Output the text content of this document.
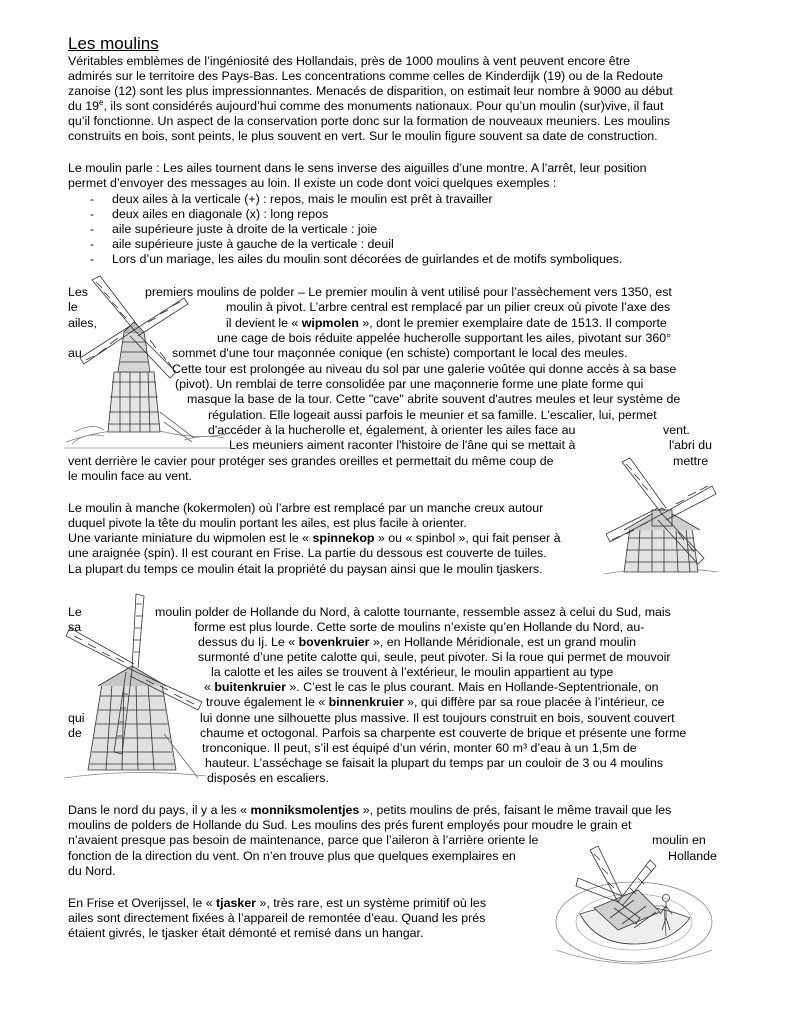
Les moulins

Véritables emblèmes de l’ingéniosité des Hollandais, près de 1000 moulins à vent peuvent encore être

admirés sur le territoire des Pays-Bas. Les concentrations comme celles de Kinderdijk (19) ou de la Redoute

zanoise (12) sont les plus impressionnantes. Menacés de disparition, on estimait leur nombre à 9000 au début

du 19e, ils sont considérés aujourd’hui comme des monuments nationaux. Pour qu’un moulin (sur)vive, il faut

qu’il fonctionne. Un aspect de la conservation porte donc sur la formation de nouveaux meuniers. Les moulins

construits en bois, sont peints, le plus souvent en vert. Sur le moulin figure souvent sa date de construction.

Le moulin parle : Les ailes tournent dans le sens inverse des aiguilles d’une montre. A l’arrêt, leur position

permet d’envoyer des messages au loin. Il existe un code dont voici quelques exemples :

- deux ailes à la verticale (+) : repos, mais le moulin est prêt à travailler

- deux ailes en diagonale (x) : long repos

- aile supérieure juste à droite de la verticale : joie

- aile supérieure juste à gauche de la verticale : deuil

- Lors d’un mariage, les ailes du moulin sont décorées de guirlandes et de motifs symboliques.

Les	premiers moulins de polder – Le premier moulin à vent utilisé pour l’assèchement vers 1350, est

le	moulin à pivot. L’arbre central est remplacé par un pilier creux où pivote l’axe des

ailes,	il devient le « wipmolen », dont le premier exemplaire date de 1513. Il comporte

une cage de bois réduite appelée hucherolle supportant les ailes, pivotant sur 360°

au	sommet d'une tour maçonnée conique (en schiste) comportant le local des meules.

Cette tour est prolongée au niveau du sol par une galerie voûtée qui donne accès à sa base

(pivot). Un remblai de terre consolidée par une maçonnerie forme une plate forme qui

masque la base de la tour. Cette "cave" abrite souvent d'autres meules et leur système de

régulation. Elle logeait aussi parfois le meunier et sa famille. L'escalier, lui, permet

d'accéder à la hucherolle et, également, à orienter les ailes face au	vent.

Les meuniers aiment raconter l'histoire de l'âne qui se mettait à	l'abri du

vent derrière le cavier pour protéger ses grandes oreilles et permettait du même coup de	mettre

le moulin face au vent.

Le moulin à manche (kokermolen) où l’arbre est remplacé par un manche creux autour

duquel pivote la tête du moulin portant les ailes, est plus facile à orienter.

Une variante miniature du wipmolen est le « spinnekop » ou « spinbol », qui fait penser à

une araignée (spin). Il est courant en Frise. La partie du dessous est couverte de tuiles.

La plupart du temps ce moulin était la propriété du paysan ainsi que le moulin tjaskers.

Le	moulin polder de Hollande du Nord, à calotte tournante, ressemble assez à celui du Sud, mais

sa	forme est plus lourde. Cette sorte de moulins n’existe qu’en Hollande du Nord, au-

dessus du Ij. Le « bovenkruier », en Hollande Méridionale, est un grand moulin

surmonté d’une petite calotte qui, seule, peut pivoter. Si la roue qui permet de mouvoir

la calotte et les ailes se trouvent à l’extérieur, le moulin appartient au type

« buitenkruier ». C’est le cas le plus courant. Mais en Hollande-Septentrionale, on

trouve également le « binnenkruier », qui diffère par sa roue placée à l’intérieur, ce

qui	lui donne une silhouette plus massive. Il est toujours construit en bois, souvent couvert

de	chaume et octogonal. Parfois sa charpente est couverte de brique et présente une forme

tronconique. Il peut, s’il est équipé d’un vérin, monter 60 m³ d’eau à un 1,5m de

hauteur. L’asséchage se faisait la plupart du temps par un couloir de 3 ou 4 moulins

disposés en escaliers.

Dans le nord du pays, il y a les « monniksmolentjes », petits moulins de prés, faisant le même travail que les

moulins de polders de Hollande du Sud. Les moulins des prés furent employés pour moudre le grain et

n’avaient presque pas besoin de maintenance, parce que l’aileron à l’arrière oriente le	moulin en

fonction de la direction du vent. On n’en trouve plus que quelques exemplaires en	Hollande

du Nord.

En Frise et Overijssel, le « tjasker », très rare, est un système primitif où les

ailes sont directement fixées à l’appareil de remontée d’eau. Quand les prés

étaient givrés, le tjasker était démonté et remisé dans un hangar.
